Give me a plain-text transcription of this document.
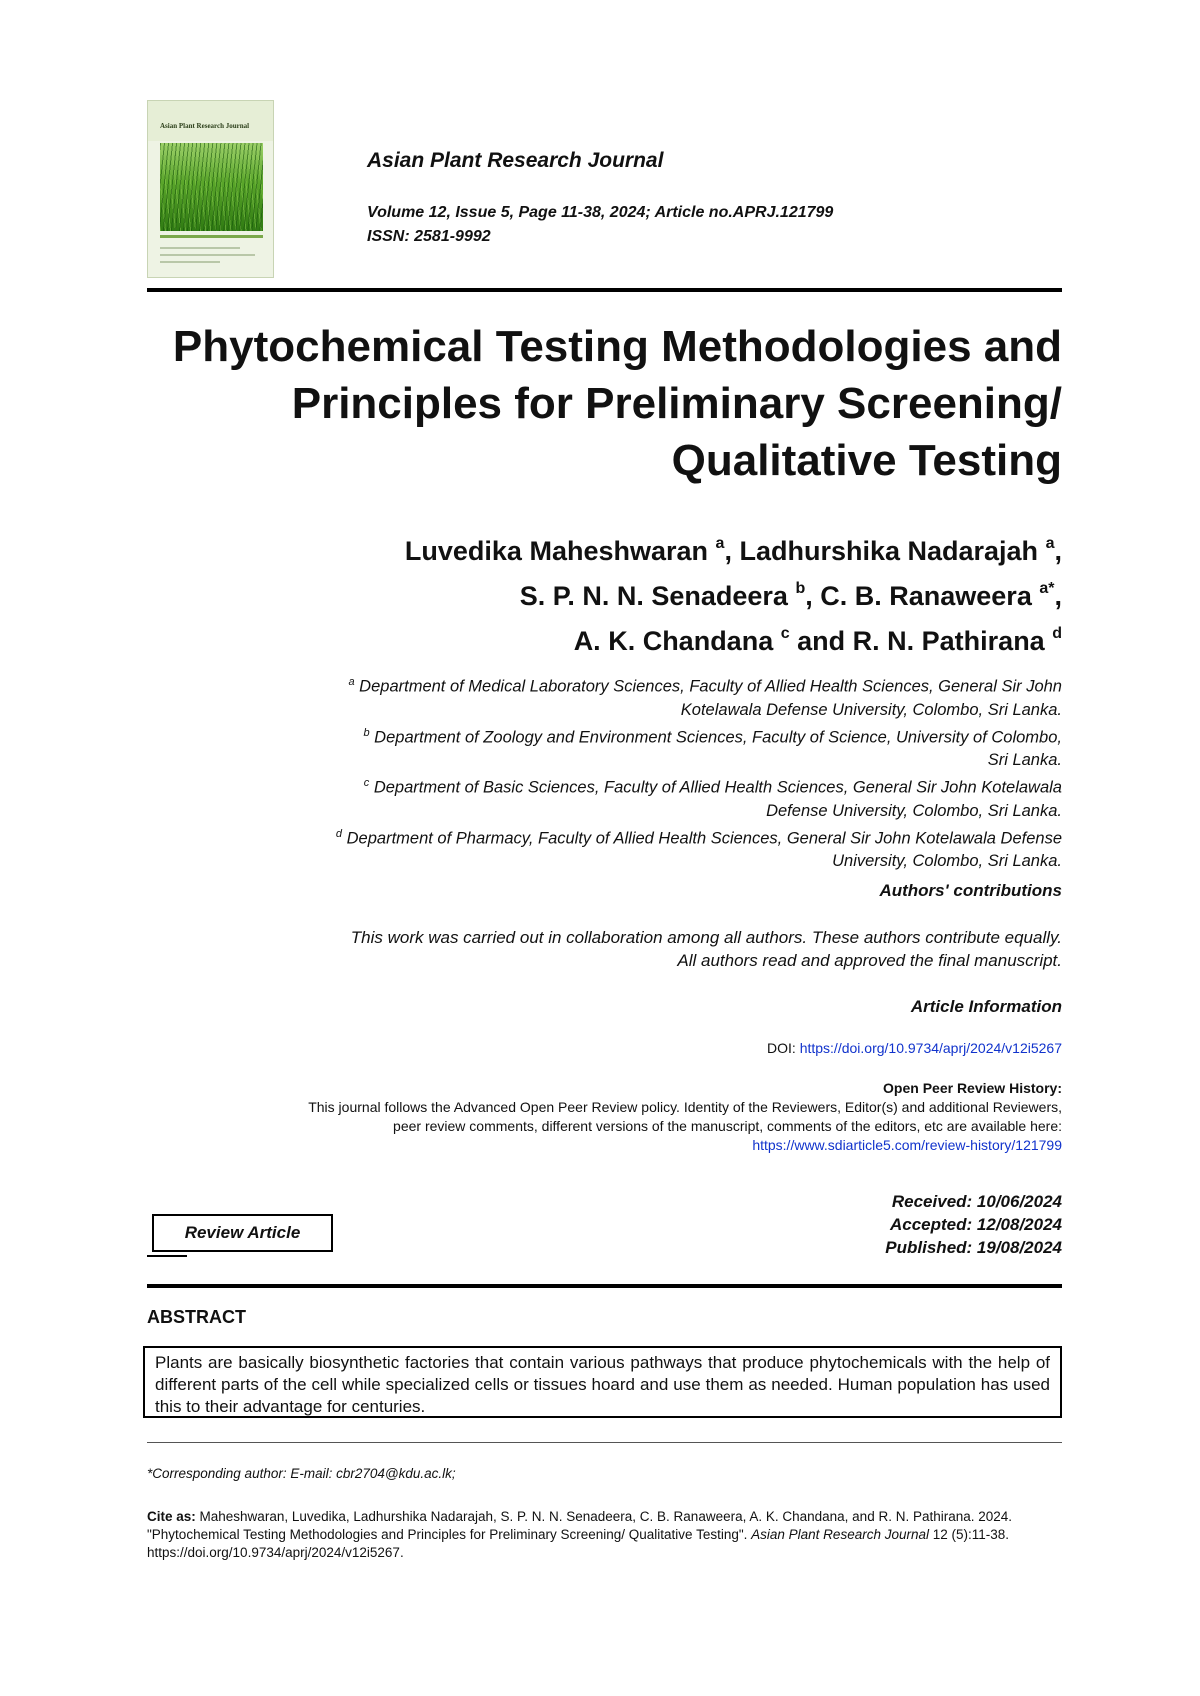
Asian Plant Research Journal
Asian Plant Research Journal
Volume 12, Issue 5, Page 11-38, 2024; Article no.APRJ.121799
ISSN: 2581-9992
Phytochemical Testing Methodologies and Principles for Preliminary Screening/ Qualitative Testing
Luvedika Maheshwaran $^a$, Ladhurshika Nadarajah $^a$,
S. P. N. N. Senadeera $^b$, C. B. Ranaweera $^{a*}$,
A. K. Chandana $^c$ and R. N. Pathirana $^d$
$^a$ Department of Medical Laboratory Sciences, Faculty of Allied Health Sciences, General Sir John
Kotelawala Defense University, Colombo, Sri Lanka.
$^b$ Department of Zoology and Environment Sciences, Faculty of Science, University of Colombo,
Sri Lanka.
$^c$ Department of Basic Sciences, Faculty of Allied Health Sciences, General Sir John Kotelawala
Defense University, Colombo, Sri Lanka.
$^d$ Department of Pharmacy, Faculty of Allied Health Sciences, General Sir John Kotelawala Defense
University, Colombo, Sri Lanka.
Authors' contributions
This work was carried out in collaboration among all authors. These authors contribute equally.
All authors read and approved the final manuscript.
Article Information
DOI: https://doi.org/10.9734/aprj/2024/v12i5267
Open Peer Review History:
This journal follows the Advanced Open Peer Review policy. Identity of the Reviewers, Editor(s) and additional Reviewers,
peer review comments, different versions of the manuscript, comments of the editors, etc are available here:
https://www.sdiarticle5.com/review-history/121799
Review Article
Received: 10/06/2024
Accepted: 12/08/2024
Published: 19/08/2024
ABSTRACT
Plants are basically biosynthetic factories that contain various pathways that produce phytochemicals with the help of different parts of the cell while specialized cells or tissues hoard and use them as needed. Human population has used this to their advantage for centuries.
*Corresponding author: E-mail: cbr2704@kdu.ac.lk;
Cite as: Maheshwaran, Luvedika, Ladhurshika Nadarajah, S. P. N. N. Senadeera, C. B. Ranaweera, A. K. Chandana, and R. N. Pathirana. 2024. "Phytochemical Testing Methodologies and Principles for Preliminary Screening/ Qualitative Testing". Asian Plant Research Journal 12 (5):11-38. https://doi.org/10.9734/aprj/2024/v12i5267.
